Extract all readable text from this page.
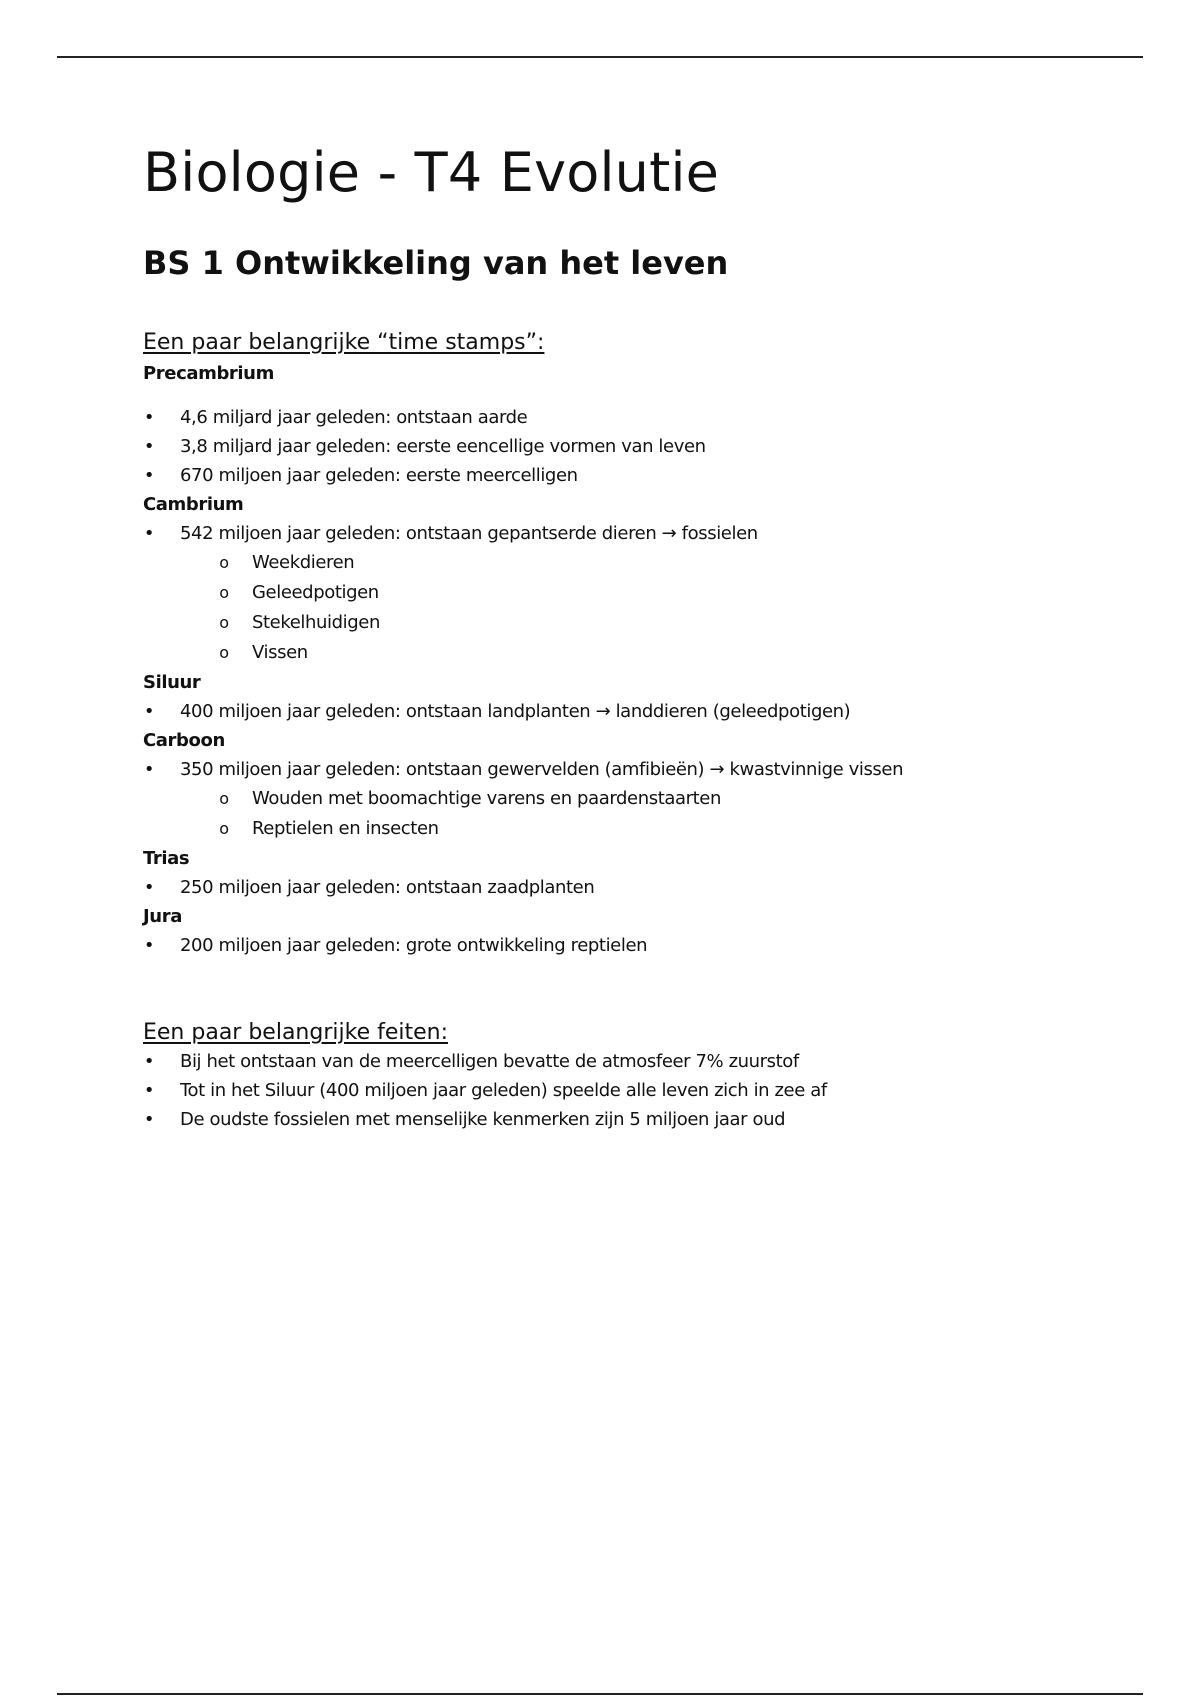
Biologie - T4 Evolutie
BS 1 Ontwikkeling van het leven
Een paar belangrijke “time stamps”:
Precambrium
• 4,6 miljard jaar geleden: ontstaan aarde
• 3,8 miljard jaar geleden: eerste eencellige vormen van leven
• 670 miljoen jaar geleden: eerste meercelligen
Cambrium
• 542 miljoen jaar geleden: ontstaan gepantserde dieren → fossielen
o Weekdieren
o Geleedpotigen
o Stekelhuidigen
o Vissen
Siluur
• 400 miljoen jaar geleden: ontstaan landplanten → landdieren (geleedpotigen)
Carboon
• 350 miljoen jaar geleden: ontstaan gewervelden (amfibieën) → kwastvinnige vissen
o Wouden met boomachtige varens en paardenstaarten
o Reptielen en insecten
Trias
• 250 miljoen jaar geleden: ontstaan zaadplanten
Jura
• 200 miljoen jaar geleden: grote ontwikkeling reptielen
Een paar belangrijke feiten:
• Bij het ontstaan van de meercelligen bevatte de atmosfeer 7% zuurstof
• Tot in het Siluur (400 miljoen jaar geleden) speelde alle leven zich in zee af
• De oudste fossielen met menselijke kenmerken zijn 5 miljoen jaar oud
